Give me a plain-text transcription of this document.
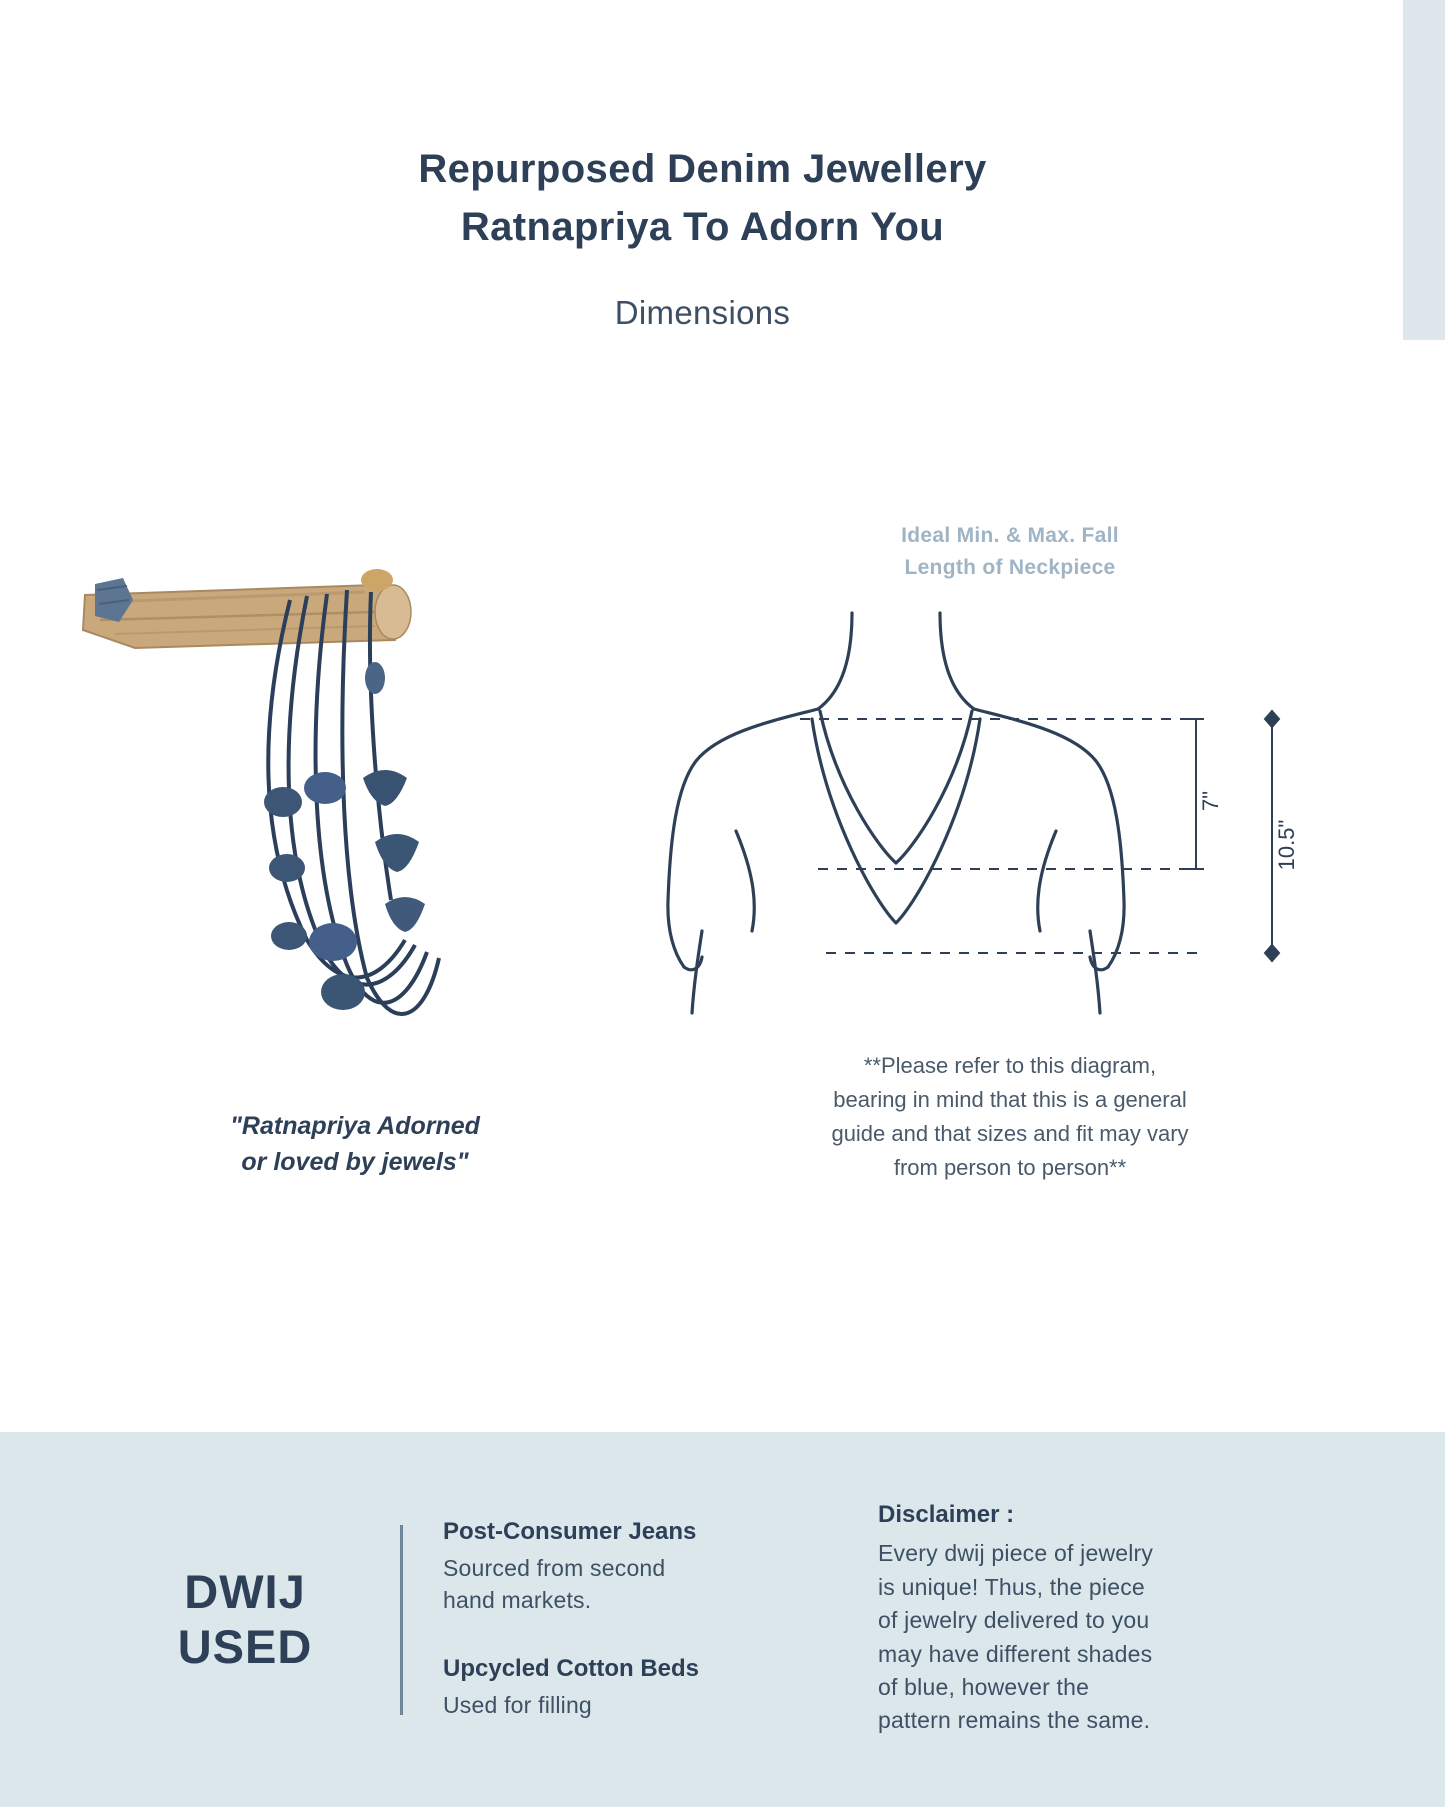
Repurposed Denim Jewellery
Ratnapriya To Adorn You
Dimensions
"Ratnapriya Adorned
or loved by jewels"
Ideal Min. & Max. Fall
Length of Neckpiece
7"
10.5"
**Please refer to this diagram,
bearing in mind that this is a general
guide and that sizes and fit may vary
from person to person**
DWIJ
USED
Post-Consumer Jeans
Sourced from second
hand markets.
Upcycled Cotton Beds
Used for filling
Disclaimer :
Every dwij piece of jewelry
is unique! Thus, the piece
of jewelry delivered to you
may have different shades
of blue, however the
pattern remains the same.
